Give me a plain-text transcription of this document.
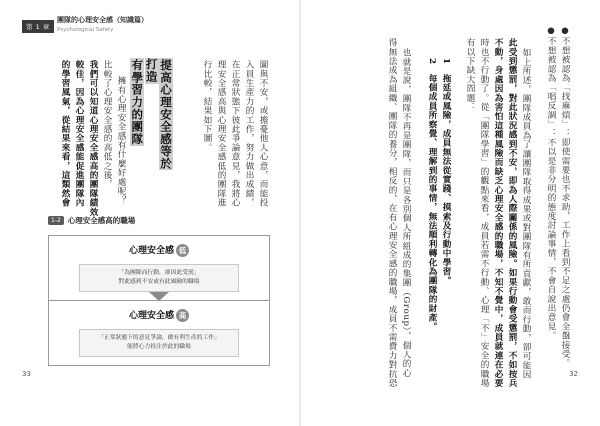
第 1 章
團隊的心理安全感（知識篇）
Psychological Safety
圖與不安，或擔憂他人心意，而能投
入員生產力的工作，努力做出成績，
在正常狀態下彼此爭論意見，我將心
理安全感高與心理安全感低的團隊進
行比較，結果如下圖。
提高心理安全感等於打造
有學習力的團隊
擁有心理安全感有什麼好處呢？
比較了心理安全感的高低之後，
我們可以知道心理安全感高的團隊績效
較佳，因為心理安全感能促進團隊內
的學習風氣，從結果來看，這類然會
1-2 心理安全感高的職場
心理安全感 低
「為團隊而行動，卻因此受罰」
對此感到不安或有此風險的職場
心理安全感 高
「正常狀態下的意見爭論，做有利生產的工作」
能將心力投注於此的職場
33
●不想被認為「找麻煩」：即使需要也不求助，工作上看到不足之處仍會全盤接受。
●不想被認為「唱反調」：不以是非分明的態度討論事情，不會自說出意見。
如上所述，團隊成員為了讓團隊取得成果或對團隊有所貢獻，敢而行動，卻可能因
此受到懲罰，對此狀況感到不安，即為人際關係的風險。如果行動會受懲罰，不如按兵
不動，身處因為害怕這種風險而缺乏心理安全感的職場，不知不覺中，成員就連在必要
時也不行動了。從「團隊學習」的觀點來看，成員若需不行動、心理「不」安全的職場
有以下缺大問題：
1　拖延或風險，成員無法從實踐、摸索及行動中學習。
2　每個成員所察覺、理解到的事情，無法順利轉化為團隊的財產。
也就是說，團隊不再是團隊，而只是各別個人所組成的集團（Group），個人的心
得無法成為組織、團隊的養分，相反的，在有心理安全感的職場，成員不需費力對抗恐	32
